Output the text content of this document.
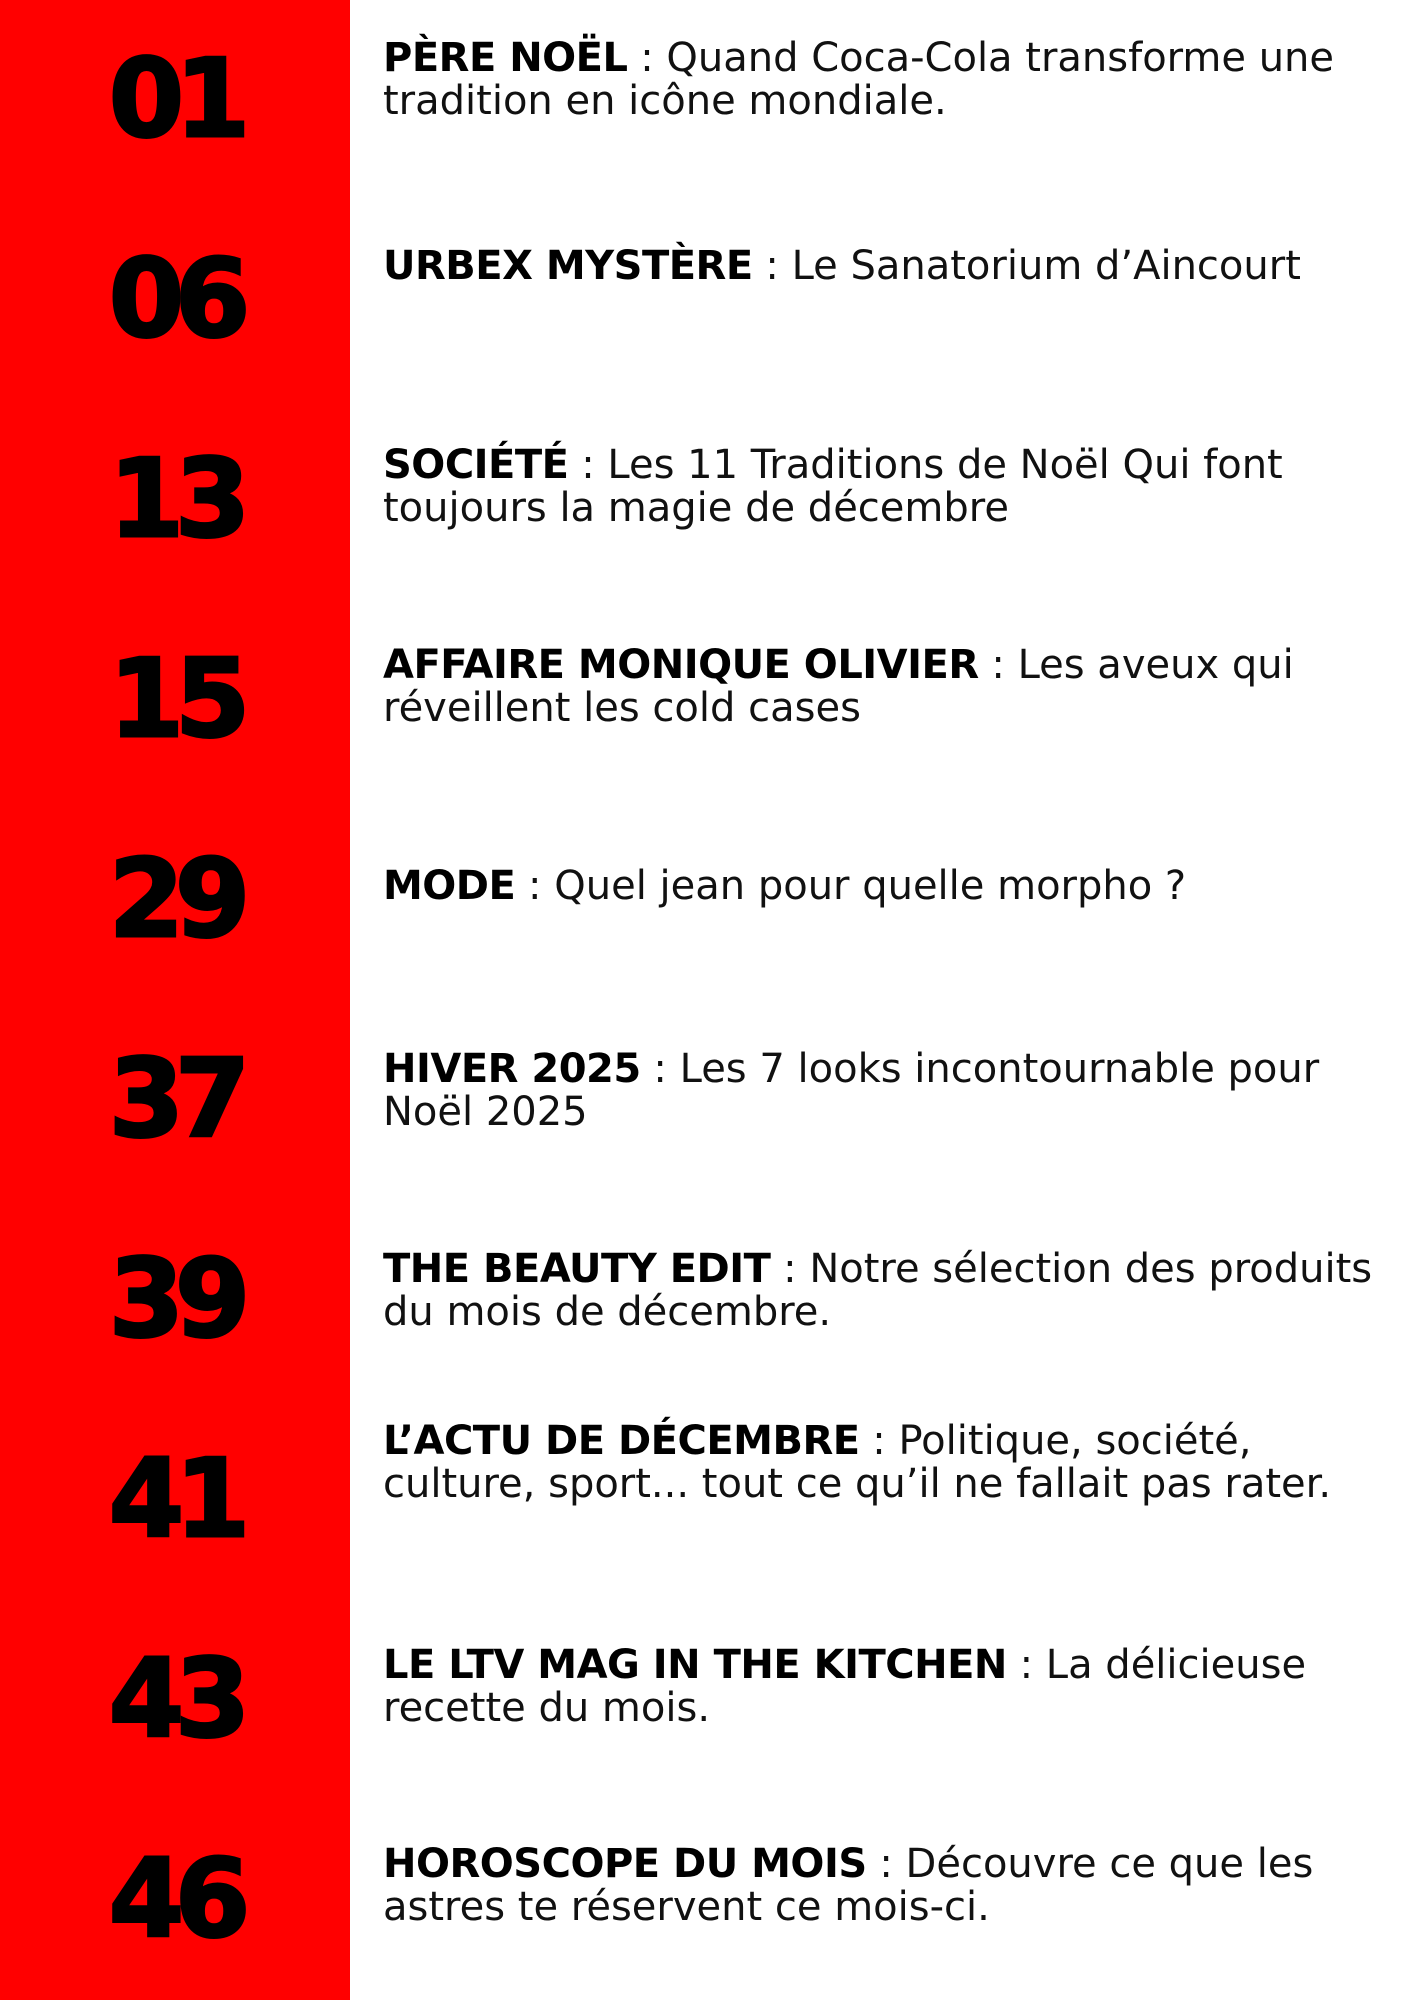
01	PÈRE NOËL : Quand Coca-Cola transforme une tradition en icône mondiale.
06	URBEX MYSTÈRE : Le Sanatorium d’Aincourt
13	SOCIÉTÉ : Les 11 Traditions de Noël Qui font toujours la magie de décembre
15	AFFAIRE MONIQUE OLIVIER : Les aveux qui réveillent les cold cases
29	MODE : Quel jean pour quelle morpho ?
37	HIVER 2025 : Les 7 looks incontournable pour Noël 2025
39	THE BEAUTY EDIT : Notre sélection des produits du mois de décembre.
41	L’ACTU DE DÉCEMBRE : Politique, société, culture, sport... tout ce qu’il ne fallait pas rater.
43	LE LTV MAG IN THE KITCHEN : La délicieuse recette du mois.
46	HOROSCOPE DU MOIS : Découvre ce que les astres te réservent ce mois-ci.
